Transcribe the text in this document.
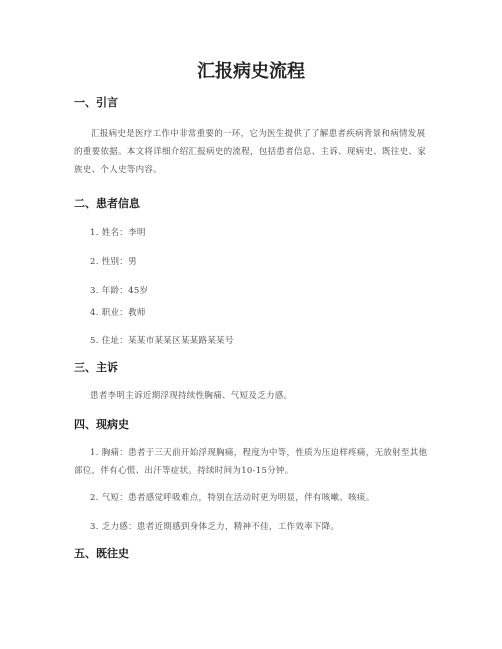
汇报病史流程
一、引言

汇报病史是医疗工作中非常重要的一环，它为医生提供了了解患者疾病背景和病情发展的重要依据。本文将详细介绍汇报病史的流程，包括患者信息、主诉、现病史、既往史、家族史、个人史等内容。

二、患者信息

1. 姓名：李明

2. 性别：男

3. 年龄：45岁

4. 职业：教师

5. 住址：某某市某某区某某路某某号

三、主诉

患者李明主诉近期浮现持续性胸痛、气短及乏力感。

四、现病史

1. 胸痛：患者于三天前开始浮现胸痛，程度为中等，性质为压迫样疼痛，无放射至其他部位，伴有心慌、出汗等症状。持续时间为10-15分钟。

2. 气短：患者感觉呼吸难点，特别在活动时更为明显，伴有咳嗽、咳痰。

3. 乏力感：患者近期感到身体乏力，精神不佳，工作效率下降。

五、既往史
